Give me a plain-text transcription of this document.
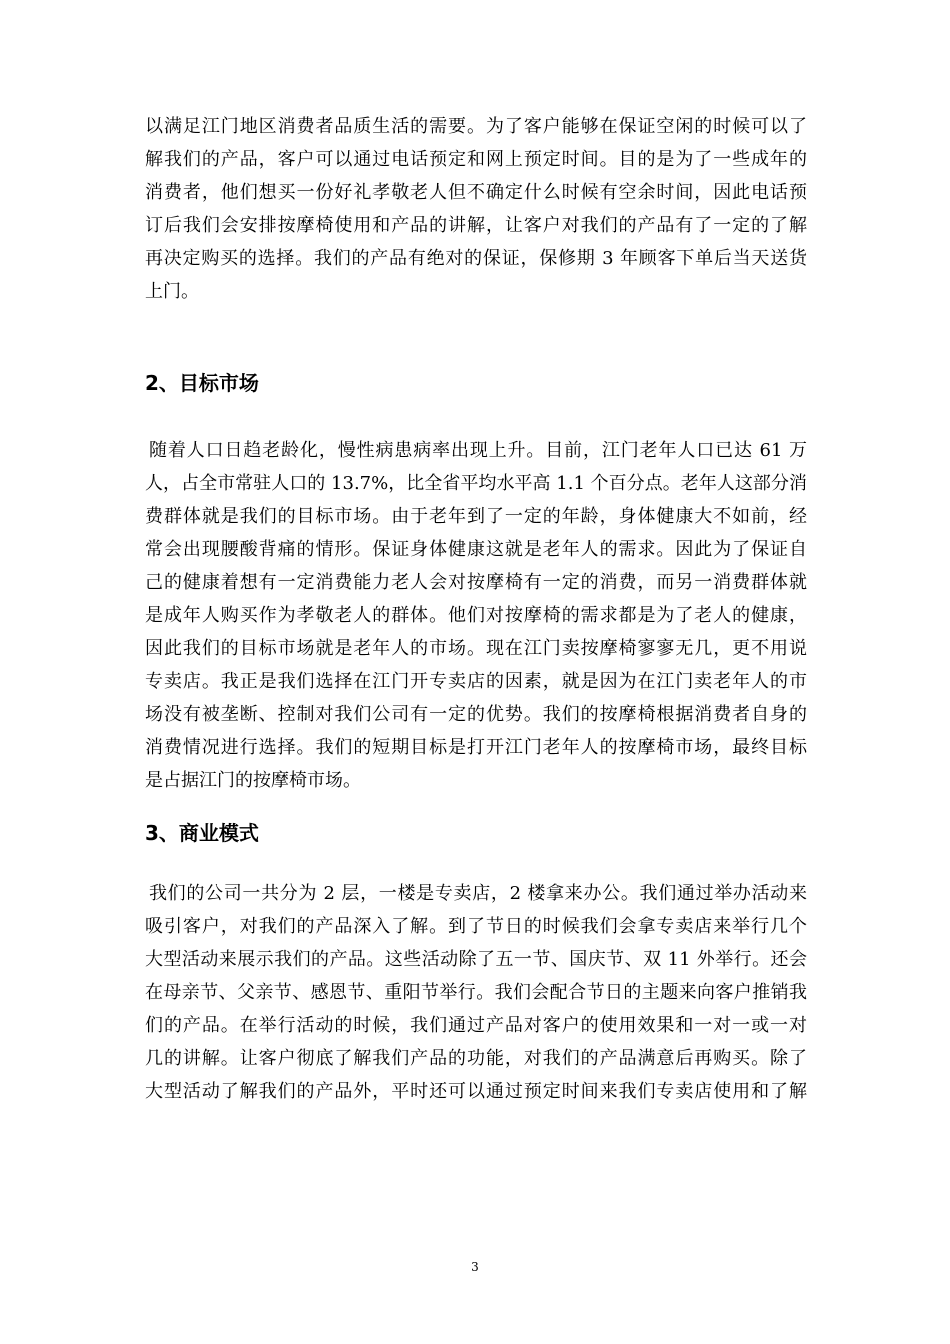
以满足江门地区消费者品质生活的需要。为了客户能够在保证空闲的时候可以了
解我们的产品，客户可以通过电话预定和网上预定时间。目的是为了一些成年的
消费者，他们想买一份好礼孝敬老人但不确定什么时候有空余时间，因此电话预
订后我们会安排按摩椅使用和产品的讲解，让客户对我们的产品有了一定的了解
再决定购买的选择。我们的产品有绝对的保证，保修期 3 年顾客下单后当天送货
上门。
2、目标市场
随着人口日趋老龄化，慢性病患病率出现上升。目前，江门老年人口已达 61 万
人，占全市常驻人口的 13.7%，比全省平均水平高 1.1 个百分点。老年人这部分消
费群体就是我们的目标市场。由于老年到了一定的年龄，身体健康大不如前，经
常会出现腰酸背痛的情形。保证身体健康这就是老年人的需求。因此为了保证自
己的健康着想有一定消费能力老人会对按摩椅有一定的消费，而另一消费群体就
是成年人购买作为孝敬老人的群体。他们对按摩椅的需求都是为了老人的健康，
因此我们的目标市场就是老年人的市场。现在江门卖按摩椅寥寥无几，更不用说
专卖店。我正是我们选择在江门开专卖店的因素，就是因为在江门卖老年人的市
场没有被垄断、控制对我们公司有一定的优势。我们的按摩椅根据消费者自身的
消费情况进行选择。我们的短期目标是打开江门老年人的按摩椅市场，最终目标
是占据江门的按摩椅市场。
3、商业模式
我们的公司一共分为 2 层，一楼是专卖店，2 楼拿来办公。我们通过举办活动来
吸引客户，对我们的产品深入了解。到了节日的时候我们会拿专卖店来举行几个
大型活动来展示我们的产品。这些活动除了五一节、国庆节、双 11 外举行。还会
在母亲节、父亲节、感恩节、重阳节举行。我们会配合节日的主题来向客户推销我
们的产品。在举行活动的时候，我们通过产品对客户的使用效果和一对一或一对
几的讲解。让客户彻底了解我们产品的功能，对我们的产品满意后再购买。除了
大型活动了解我们的产品外，平时还可以通过预定时间来我们专卖店使用和了解
3
